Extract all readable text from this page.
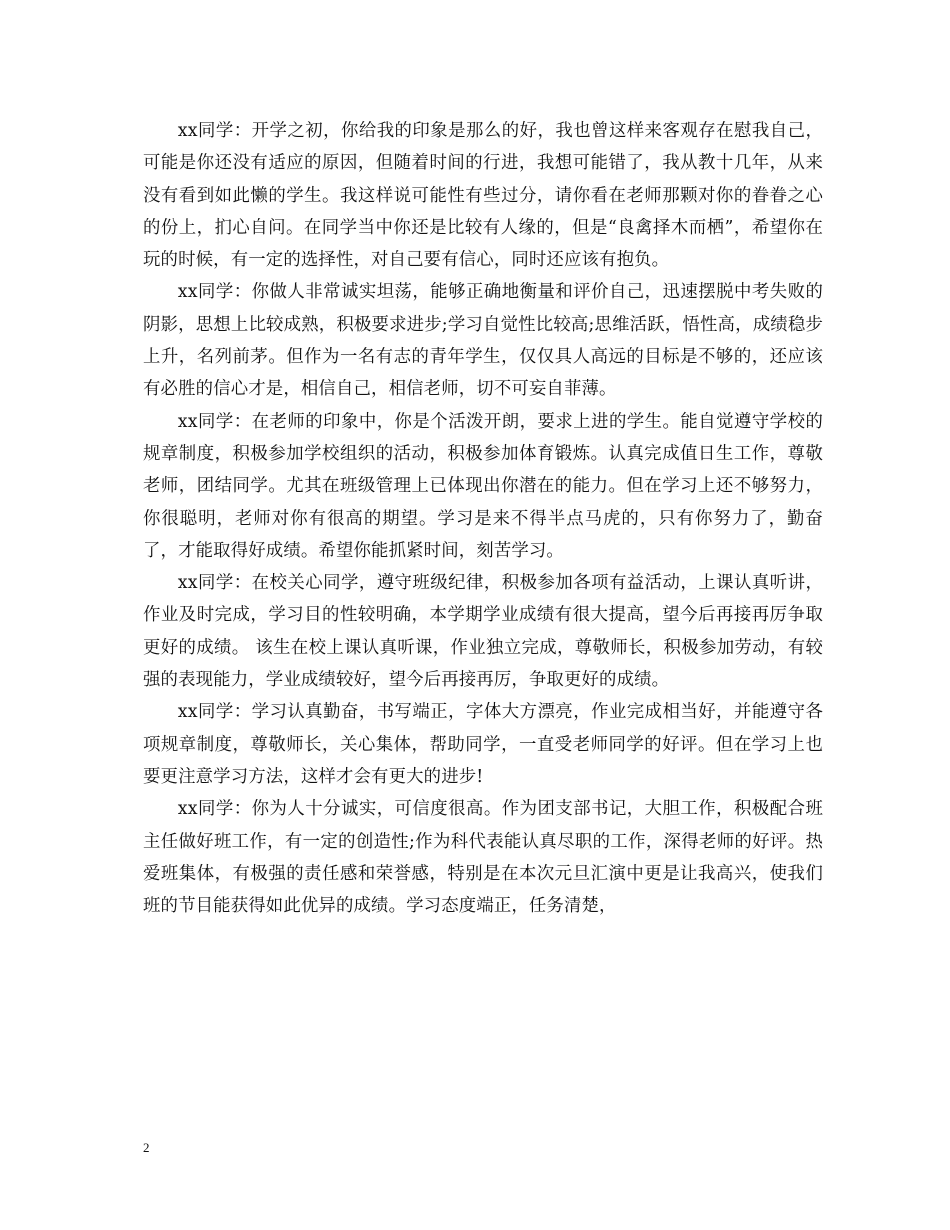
xx同学：开学之初，你给我的印象是那么的好，我也曾这样来客观存在慰我自己，可能是你还没有适应的原因，但随着时间的行进，我想可能错了，我从教十几年，从来没有看到如此懒的学生。我这样说可能性有些过分，请你看在老师那颗对你的眷眷之心的份上，扪心自问。在同学当中你还是比较有人缘的，但是“良禽择木而栖”，希望你在玩的时候，有一定的选择性，对自己要有信心，同时还应该有抱负。

xx同学：你做人非常诚实坦荡，能够正确地衡量和评价自己，迅速摆脱中考失败的阴影，思想上比较成熟，积极要求进步;学习自觉性比较高;思维活跃，悟性高，成绩稳步上升，名列前茅。但作为一名有志的青年学生，仅仅具人高远的目标是不够的，还应该有必胜的信心才是，相信自己，相信老师，切不可妄自菲薄。

xx同学：在老师的印象中，你是个活泼开朗，要求上进的学生。能自觉遵守学校的规章制度，积极参加学校组织的活动，积极参加体育锻炼。认真完成值日生工作，尊敬老师，团结同学。尤其在班级管理上已体现出你潜在的能力。但在学习上还不够努力，你很聪明，老师对你有很高的期望。学习是来不得半点马虎的，只有你努力了，勤奋了，才能取得好成绩。希望你能抓紧时间，刻苦学习。

xx同学：在校关心同学，遵守班级纪律，积极参加各项有益活动，上课认真听讲，作业及时完成，学习目的性较明确，本学期学业成绩有很大提高，望今后再接再厉争取更好的成绩。 该生在校上课认真听课，作业独立完成，尊敬师长，积极参加劳动，有较强的表现能力，学业成绩较好，望今后再接再厉，争取更好的成绩。

xx同学：学习认真勤奋，书写端正，字体大方漂亮，作业完成相当好，并能遵守各项规章制度，尊敬师长，关心集体，帮助同学，一直受老师同学的好评。但在学习上也要更注意学习方法，这样才会有更大的进步!

xx同学：你为人十分诚实，可信度很高。作为团支部书记，大胆工作，积极配合班主任做好班工作，有一定的创造性;作为科代表能认真尽职的工作，深得老师的好评。热爱班集体，有极强的责任感和荣誉感，特别是在本次元旦汇演中更是让我高兴，使我们班的节目能获得如此优异的成绩。学习态度端正，任务清楚，

2
